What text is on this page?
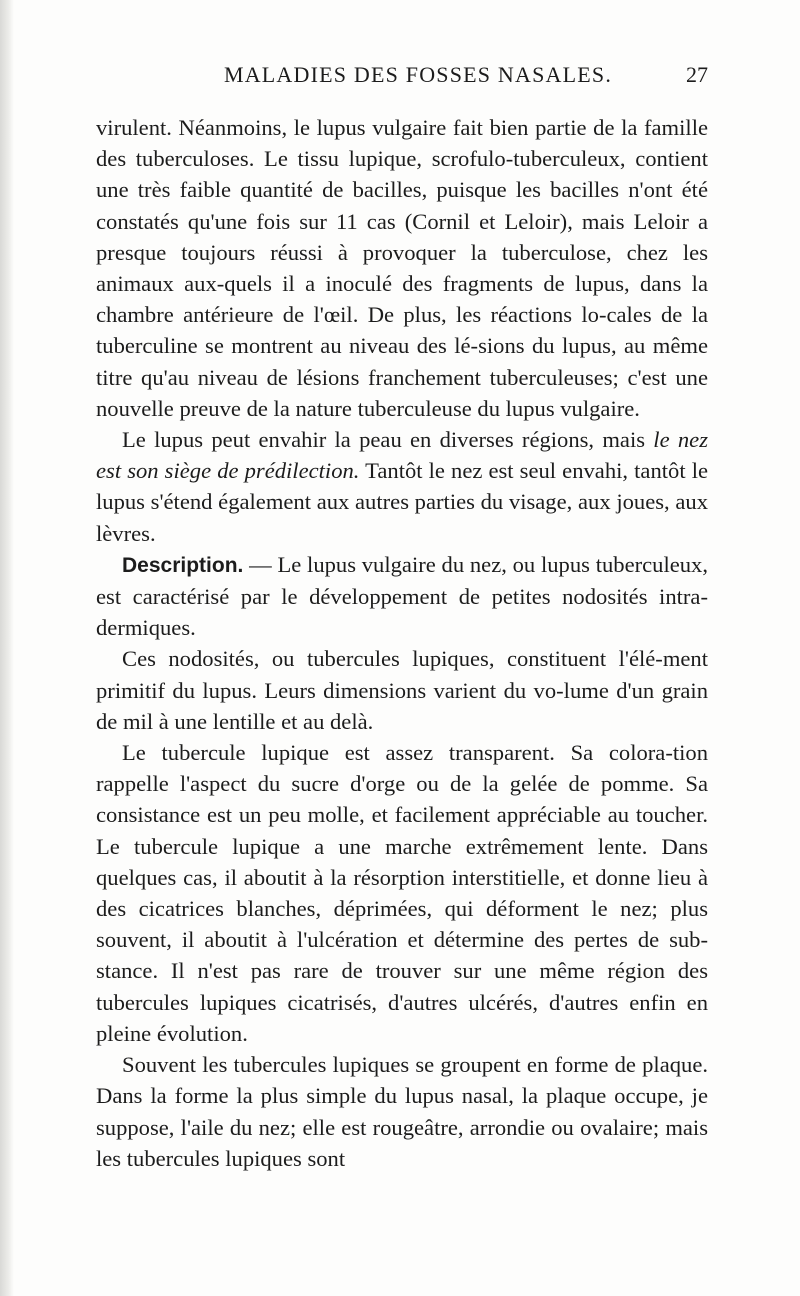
MALADIES DES FOSSES NASALES.	27

virulent. Néanmoins, le lupus vulgaire fait bien partie de la famille des tuberculoses. Le tissu lupique, scrofulo-tuberculeux, contient une très faible quantité de bacilles, puisque les bacilles n'ont été constatés qu'une fois sur 11 cas (Cornil et Leloir), mais Leloir a presque toujours réussi à provoquer la tuberculose, chez les animaux aux-quels il a inoculé des fragments de lupus, dans la chambre antérieure de l'œil. De plus, les réactions lo-cales de la tuberculine se montrent au niveau des lé-sions du lupus, au même titre qu'au niveau de lésions franchement tuberculeuses; c'est une nouvelle preuve de la nature tuberculeuse du lupus vulgaire.

Le lupus peut envahir la peau en diverses régions, mais le nez est son siège de prédilection. Tantôt le nez est seul envahi, tantôt le lupus s'étend également aux autres parties du visage, aux joues, aux lèvres.

Description. — Le lupus vulgaire du nez, ou lupus tuberculeux, est caractérisé par le développement de petites nodosités intra-dermiques.

Ces nodosités, ou tubercules lupiques, constituent l'élé-ment primitif du lupus. Leurs dimensions varient du vo-lume d'un grain de mil à une lentille et au delà.

Le tubercule lupique est assez transparent. Sa colora-tion rappelle l'aspect du sucre d'orge ou de la gelée de pomme. Sa consistance est un peu molle, et facilement appréciable au toucher. Le tubercule lupique a une marche extrêmement lente. Dans quelques cas, il aboutit à la résorption interstitielle, et donne lieu à des cicatrices blanches, déprimées, qui déforment le nez; plus souvent, il aboutit à l'ulcération et détermine des pertes de sub-stance. Il n'est pas rare de trouver sur une même région des tubercules lupiques cicatrisés, d'autres ulcérés, d'autres enfin en pleine évolution.

Souvent les tubercules lupiques se groupent en forme de plaque. Dans la forme la plus simple du lupus nasal, la plaque occupe, je suppose, l'aile du nez; elle est rougeâtre, arrondie ou ovalaire; mais les tubercules lupiques sont
